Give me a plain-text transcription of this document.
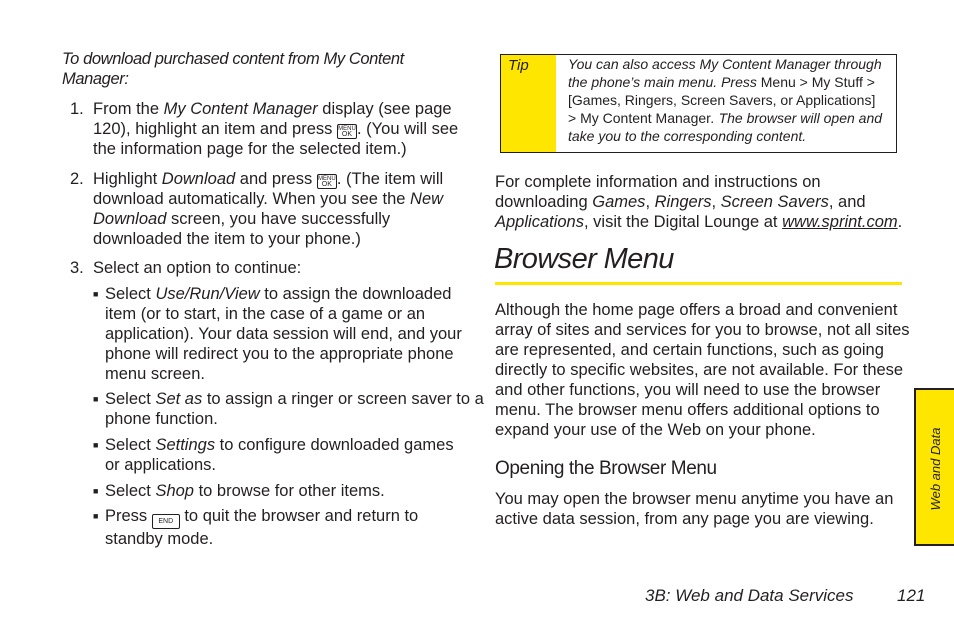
To download purchased content from My Content
Manager:
1. From the My Content Manager display (see page
120), highlight an item and press MENU
OK . (You will see
the information page for the selected item.)
2. Highlight Download and press MENU
OK . (The item will
download automatically. When you see the New
Download screen, you have successfully
downloaded the item to your phone.)
3. Select an option to continue:
■ Select Use/Run/View to assign the downloaded
item (or to start, in the case of a game or an
application). Your data session will end, and your
phone will redirect you to the appropriate phone
menu screen.
■ Select Set as to assign a ringer or screen saver to a
phone function.
■ Select Settings to configure downloaded games
or applications.
■ Select Shop to browse for other items.
■ Press END to quit the browser and return to
standby mode.
Tip	You can also access My Content Manager through
the phone’s main menu. Press Menu > My Stuff >
[Games, Ringers, Screen Savers, or Applications]
> My Content Manager. The browser will open and
take you to the corresponding content.
For complete information and instructions on
downloading Games, Ringers, Screen Savers, and
Applications, visit the Digital Lounge at www.sprint.com.
Browser Menu
Although the home page offers a broad and convenient
array of sites and services for you to browse, not all sites
are represented, and certain functions, such as going
directly to specific websites, are not available. For these
and other functions, you will need to use the browser
menu. The browser menu offers additional options to
expand your use of the Web on your phone.
Opening the Browser Menu
You may open the browser menu anytime you have an
active data session, from any page you are viewing.
Web and Data
3B: Web and Data Services	121
